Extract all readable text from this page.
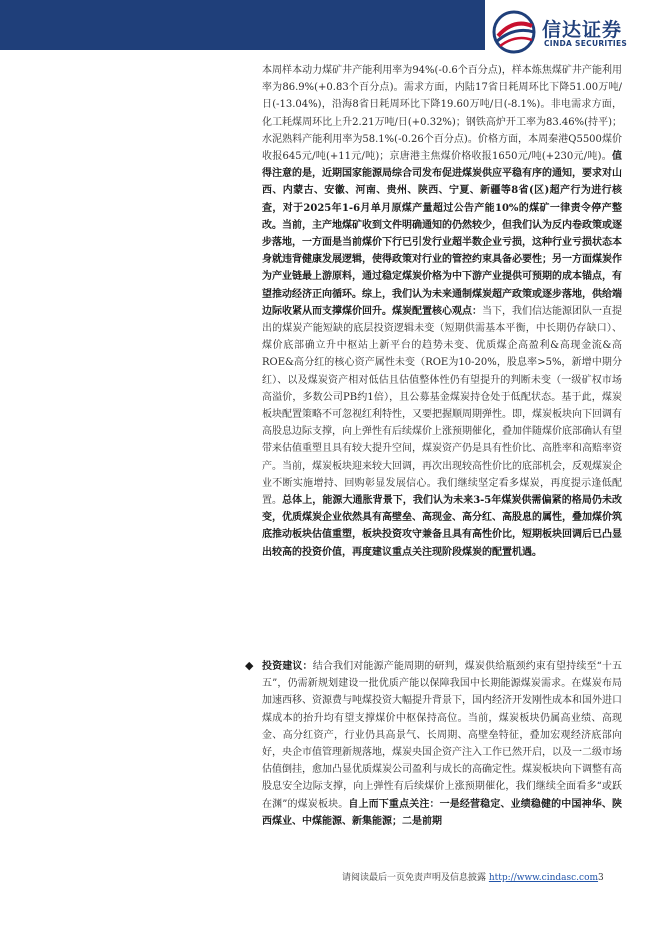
信达证券
CINDA SECURITIES

本周样本动力煤矿井产能利用率为94%(-0.6个百分点)，样本炼焦煤矿井产能利用率为86.9%(+0.83个百分点)。需求方面，内陆17省日耗周环比下降51.00万吨/日(-13.04%)，沿海8省日耗周环比下降19.60万吨/日(-8.1%)。非电需求方面，化工耗煤周环比上升2.21万吨/日(+0.32%)；钢铁高炉开工率为83.46%(持平)；水泥熟料产能利用率为58.1%(-0.26个百分点)。价格方面，本周秦港Q5500煤价收报645元/吨(+11元/吨)；京唐港主焦煤价格收报1650元/吨(+230元/吨)。值得注意的是，近期国家能源局综合司发布促进煤炭供应平稳有序的通知，要求对山西、内蒙古、安徽、河南、贵州、陕西、宁夏、新疆等8省(区)超产行为进行核查，对于2025年1-6月单月原煤产量超过公告产能10%的煤矿一律责令停产整改。当前，主产地煤矿收到文件明确通知的仍然较少，但我们认为反内卷政策或逐步落地，一方面是当前煤价下行已引发行业超半数企业亏损，这种行业亏损状态本身就违背健康发展逻辑，使得政策对行业的管控约束具备必要性；另一方面煤炭作为产业链最上游原料，通过稳定煤炭价格为中下游产业提供可预期的成本锚点，有望推动经济正向循环。综上，我们认为未来通制煤炭超产政策或逐步落地，供给端边际收紧从而支撑煤价回升。煤炭配置核心观点：当下，我们信达能源团队一直提出的煤炭产能短缺的底层投资逻辑未变（短期供需基本平衡，中长期仍存缺口）、煤价底部确立升中枢站上新平台的趋势未变、优质煤企高盈利&高现金流&高ROE&高分红的核心资产属性未变（ROE为10-20%，股息率>5%，新增中期分红）、以及煤炭资产相对低估且估值整体性仍有望提升的判断未变（一级矿权市场高溢价，多数公司PB约1倍），且公募基金煤炭持仓处于低配状态。基于此，煤炭板块配置策略不可忽视红利特性，又要把握顺周期弹性。即，煤炭板块向下回调有高股息边际支撑，向上弹性有后续煤价上涨预期催化，叠加伴随煤价底部确认有望带来估值重塑且具有较大提升空间，煤炭资产仍是具有性价比、高胜率和高赔率资产。当前，煤炭板块迎来较大回调，再次出现较高性价比的底部机会，反观煤炭企业不断实施增持、回购彰显发展信心。我们继续坚定看多煤炭，再度提示逢低配置。总体上，能源大通胀背景下，我们认为未来3-5年煤炭供需偏紧的格局仍未改变，优质煤炭企业依然具有高壁垒、高现金、高分红、高股息的属性，叠加煤价筑底推动板块估值重塑，板块投资攻守兼备且具有高性价比，短期板块回调后已凸显出较高的投资价值，再度建议重点关注现阶段煤炭的配置机遇。

◆ 投资建议：结合我们对能源产能周期的研判，煤炭供给瓶颈约束有望持续至“十五五”，仍需新规划建设一批优质产能以保障我国中长期能源煤炭需求。在煤炭布局加速西移、资源费与吨煤投资大幅提升背景下，国内经济开发刚性成本和国外进口煤成本的抬升均有望支撑煤价中枢保持高位。当前，煤炭板块仍属高业绩、高现金、高分红资产，行业仍具高景气、长周期、高壁垒特征，叠加宏观经济底部向好，央企市值管理新规落地，煤炭央国企资产注入工作已然开启，以及一二级市场估值倒挂，愈加凸显优质煤炭公司盈利与成长的高确定性。煤炭板块向下调整有高股息安全边际支撑，向上弹性有后续煤价上涨预期催化，我们继续全面看多“或跃在渊”的煤炭板块。自上而下重点关注：一是经营稳定、业绩稳健的中国神华、陕西煤业、中煤能源、新集能源；二是前期

请阅读最后一页免责声明及信息披露 http://www.cindasc.com3
